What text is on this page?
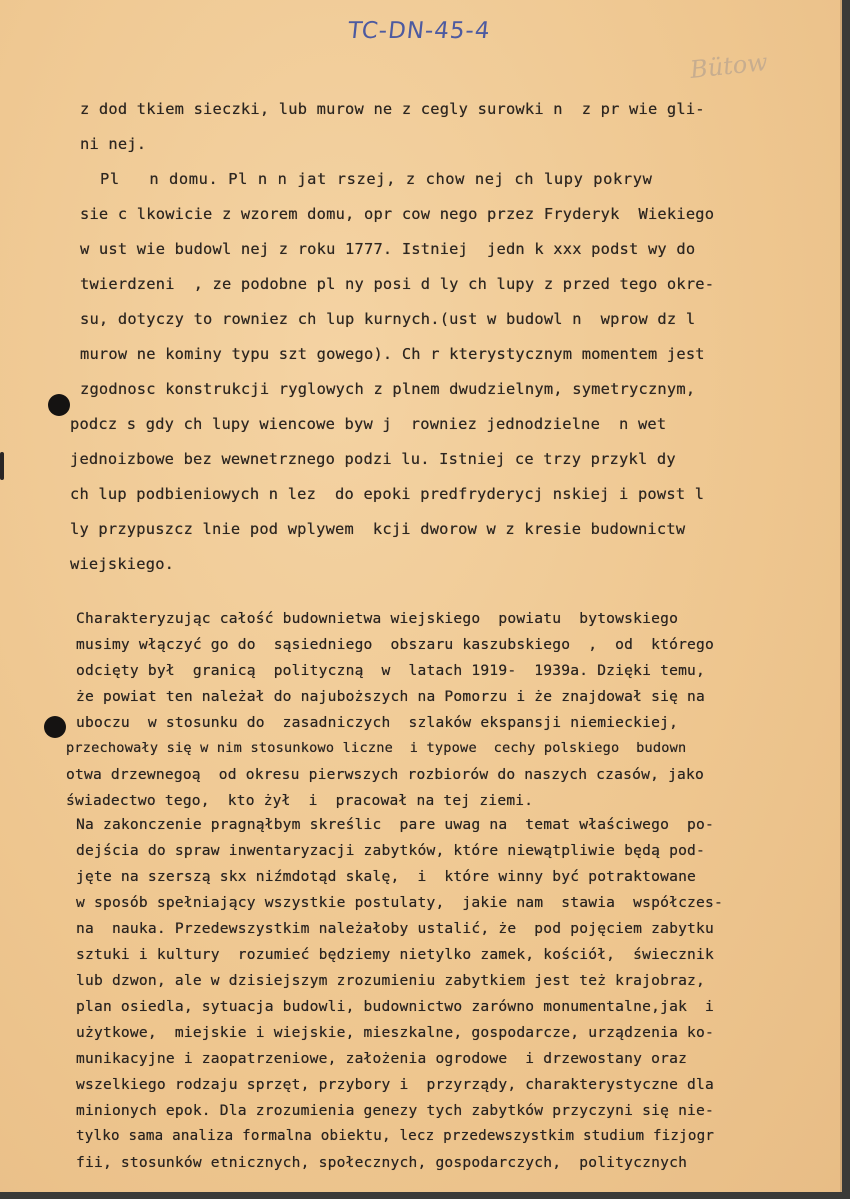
TC-DN-45-4
Bütow
z dod tkiem sieczki, lub murow ne z cegly surowki n  z pr wie gli-
ni nej.
Pl   n domu. Pl n n jat rszej, z chow nej ch lupy pokryw
sie c lkowicie z wzorem domu, opr cow nego przez Fryderyk  Wiekiego
w ust wie budowl nej z roku 1777. Istniej  jedn k xxx podst wy do
twierdzeni  , ze podobne pl ny posi d ly ch lupy z przed tego okre-
su, dotyczy to rowniez ch lup kurnych.(ust w budowl n  wprow dz l
murow ne kominy typu szt gowego). Ch r kterystycznym momentem jest
zgodnosc konstrukcji ryglowych z plnem dwudzielnym, symetrycznym,
podcz s gdy ch lupy wiencowe byw j  rowniez jednodzielne  n wet
jednoizbowe bez wewnetrznego podzi lu. Istniej ce trzy przykl dy
ch lup podbieniowych n lez  do epoki predfryderycj nskiej i powst l
ly przypuszcz lnie pod wplywem  kcji dworow w z kresie budownictw
wiejskiego.
Charakteryzując całość budownietwa wiejskiego  powiatu  bytowskiego
musimy włączyć go do  sąsiedniego  obszaru kaszubskiego  ,  od  którego
odcięty był  granicą  polityczną  w  latach 1919-  1939a. Dzięki temu,
że powiat ten należał do najuboższych na Pomorzu i że znajdował się na
uboczu  w stosunku do  zasadniczych  szlaków ekspansji niemieckiej,
przechowały się w nim stosunkowo liczne  i typowe  cechy polskiego  budown
otwa drzewnegoą  od okresu pierwszych rozbiorów do naszych czasów, jako
świadectwo tego,  kto żył  i  pracował na tej ziemi.
Na zakonczenie pragnąłbym skreślic  pare uwag na  temat właściwego  po-
dejścia do spraw inwentaryzacji zabytków, które niewątpliwie będą pod-
jęte na szerszą skx niźmdotąd skalę,  i  które winny być potraktowane
w sposób spełniający wszystkie postulaty,  jakie nam  stawia  współczes-
na  nauka. Przedewszystkim należałoby ustalić, że  pod pojęciem zabytku
sztuki i kultury  rozumieć będziemy nietylko zamek, kościół,  świecznik
lub dzwon, ale w dzisiejszym zrozumieniu zabytkiem jest też krajobraz,
plan osiedla, sytuacja budowli, budownictwo zarówno monumentalne,jak  i
użytkowe,  miejskie i wiejskie, mieszkalne, gospodarcze, urządzenia ko-
munikacyjne i zaopatrzeniowe, założenia ogrodowe  i drzewostany oraz
wszelkiego rodzaju sprzęt, przybory i  przyrządy, charakterystyczne dla
minionych epok. Dla zrozumienia genezy tych zabytków przyczyni się nie-
tylko sama analiza formalna obiektu, lecz przedewszystkim studium fizjogr
fii, stosunków etnicznych, społecznych, gospodarczych,  politycznych
